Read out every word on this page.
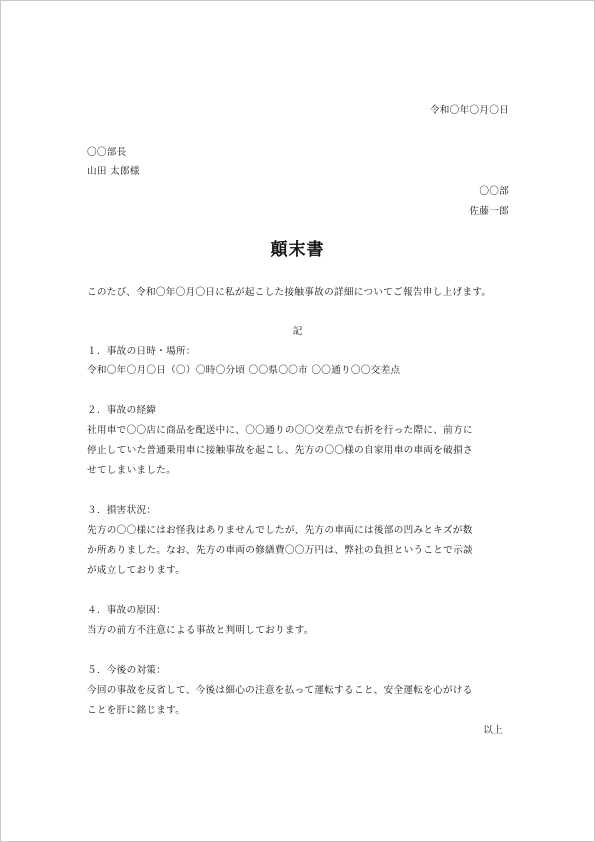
令和〇年〇月〇日
〇〇部長
山田 太郎様
〇〇部
佐藤一郎
顛末書
このたび、令和〇年〇月〇日に私が起こした接触事故の詳細についてご報告申し上げます。
記
１．事故の日時・場所：
令和〇年〇月〇日（〇）〇時〇分頃 〇〇県〇〇市 〇〇通り〇〇交差点
２．事故の経緯
社用車で〇〇店に商品を配送中に、〇〇通りの〇〇交差点で右折を行った際に、前方に
停止していた普通乗用車に接触事故を起こし、先方の〇〇様の自家用車の車両を破損さ
せてしまいました。
３．損害状況：
先方の〇〇様にはお怪我はありませんでしたが、先方の車両には後部の凹みとキズが数
か所ありました。なお、先方の車両の修繕費〇〇万円は、弊社の負担ということで示談
が成立しております。
４．事故の原因：
当方の前方不注意による事故と判明しております。
５．今後の対策：
今回の事故を反省して、今後は細心の注意を払って運転すること、安全運転を心がける
ことを肝に銘じます。
以上
